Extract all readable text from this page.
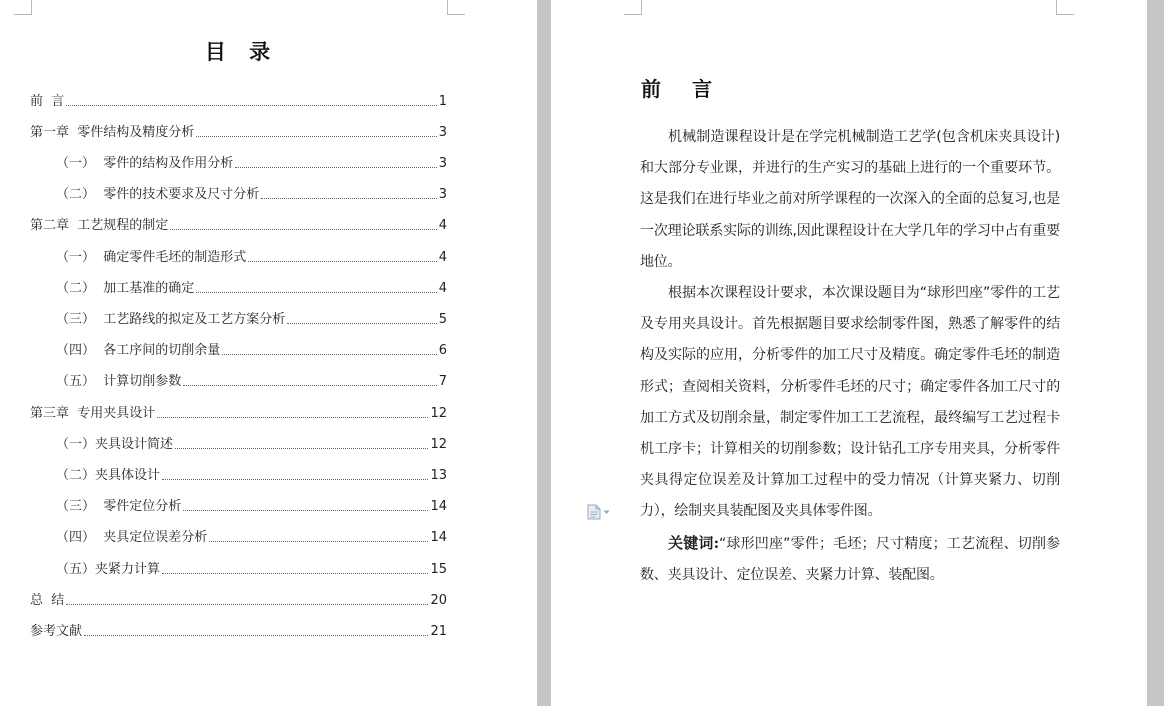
目 录
前  言	1
第一章  零件结构及精度分析	3
（一）  零件的结构及作用分析	3
（二）  零件的技术要求及尺寸分析	3
第二章  工艺规程的制定	4
（一）  确定零件毛坯的制造形式	4
（二）  加工基准的确定	4
（三）  工艺路线的拟定及工艺方案分析	5
（四）  各工序间的切削余量	6
（五）  计算切削参数	7
第三章  专用夹具设计	12
（一）夹具设计简述	12
（二）夹具体设计	13
（三）  零件定位分析	14
（四）  夹具定位误差分析	14
（五）夹紧力计算	15
总  结	20
参考文献	21
前 言

机械制造课程设计是在学完机械制造工艺学(包含机床夹具设计)和大部分专业课，并进行的生产实习的基础上进行的一个重要环节。这是我们在进行毕业之前对所学课程的一次深入的全面的总复习,也是一次理论联系实际的训练,因此课程设计在大学几年的学习中占有重要地位。

根据本次课程设计要求，本次课设题目为“球形凹座”零件的工艺及专用夹具设计。首先根据题目要求绘制零件图，熟悉了解零件的结构及实际的应用，分析零件的加工尺寸及精度。确定零件毛坯的制造形式；查阅相关资料，分析零件毛坯的尺寸；确定零件各加工尺寸的加工方式及切削余量，制定零件加工工艺流程，最终编写工艺过程卡机工序卡；计算相关的切削参数；设计钻孔工序专用夹具，分析零件夹具得定位误差及计算加工过程中的受力情况（计算夹紧力、切削力），绘制夹具装配图及夹具体零件图。

关键词:“球形凹座”零件；毛坯；尺寸精度；工艺流程、切削参数、夹具设计、定位误差、夹紧力计算、装配图。
